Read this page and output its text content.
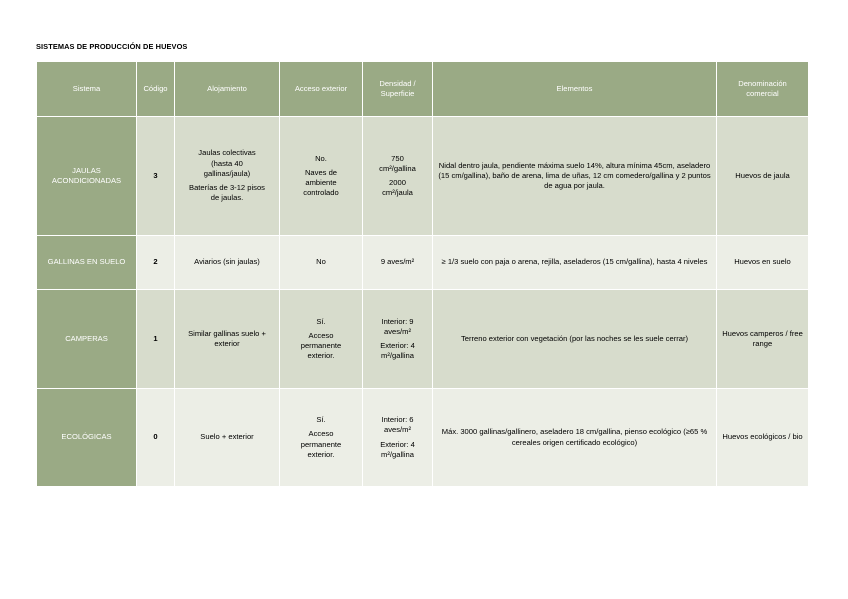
SISTEMAS DE PRODUCCIÓN DE HUEVOS
Sistema	Código	Alojamiento	Acceso exterior	Densidad /
Superficie	Elementos	Denominación
comercial

JAULAS
ACONDICIONADAS	3	Jaulas colectivas
(hasta 40
gallinas/jaula)
Baterías de 3-12 pisos
de jaulas.	No.
Naves de
ambiente
controlado	750
cm²/gallina
2000
cm²/jaula	Nidal dentro jaula, pendiente máxima suelo 14%, altura mínima 45cm, aseladero (15 cm/gallina), baño de arena, lima de uñas, 12 cm comedero/gallina y 2 puntos de agua por jaula.	Huevos de jaula

GALLINAS EN SUELO	2	Aviarios (sin jaulas)	No	9 aves/m²	≥ 1/3 suelo con paja o arena, rejilla, aseladeros (15 cm/gallina), hasta 4 niveles	Huevos en suelo

CAMPERAS	1	Similar gallinas suelo +
exterior	Sí.
Acceso
permanente
exterior.	Interior: 9
aves/m²
Exterior: 4
m²/gallina	Terreno exterior con vegetación (por las noches se les suele cerrar)	Huevos camperos / free range

ECOLÓGICAS	0	Suelo + exterior	Sí.
Acceso
permanente
exterior.	Interior: 6
aves/m²
Exterior: 4
m²/gallina	Máx. 3000 gallinas/gallinero, aseladero 18 cm/gallina, pienso ecológico (≥65 % cereales origen certificado ecológico)	Huevos ecológicos / bio
